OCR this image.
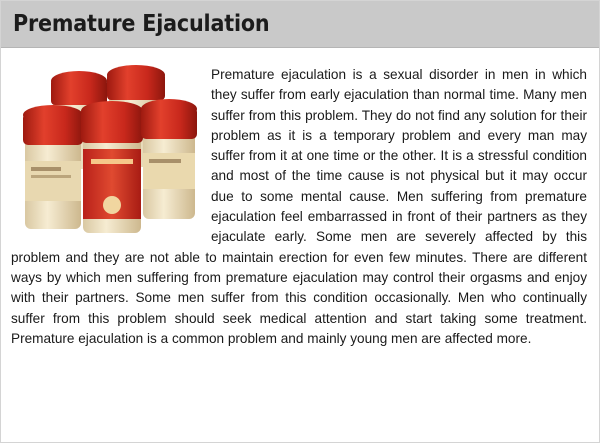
Premature Ejaculation

Premature ejaculation is a sexual disorder in men in which they suffer from early ejaculation than normal time. Many men suffer from this problem. They do not find any solution for their problem as it is a temporary problem and every man may suffer from it at one time or the other. It is a stressful condition and most of the time cause is not physical but it may occur due to some mental cause. Men suffering from premature ejaculation feel embarrassed in front of their partners as they ejaculate early. Some men are severely affected by this problem and they are not able to maintain erection for even few minutes. There are different ways by which men suffering from premature ejaculation may control their orgasms and enjoy with their partners. Some men suffer from this condition occasionally. Men who continually suffer from this problem should seek medical attention and start taking some treatment. Premature ejaculation is a common problem and mainly young men are affected more.
